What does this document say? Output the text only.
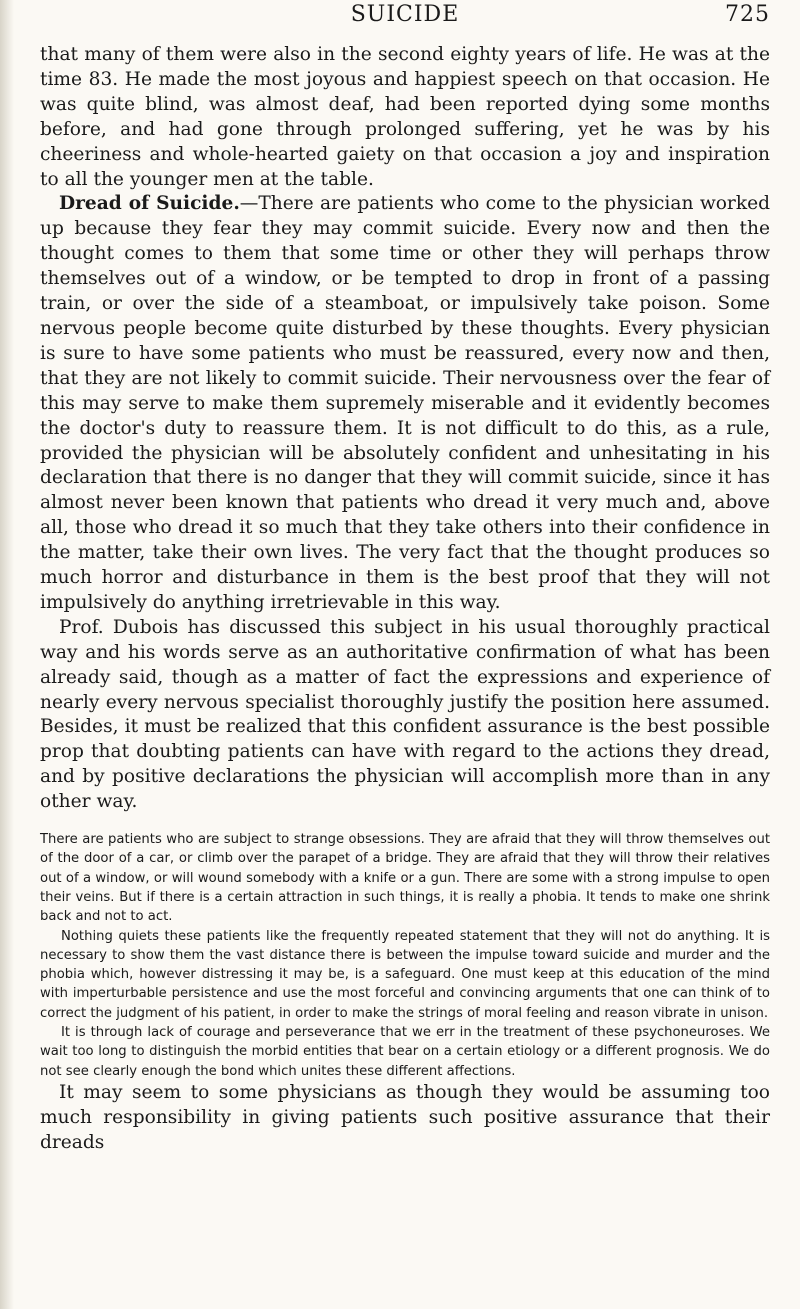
SUICIDE	725

that many of them were also in the second eighty years of life. He was at the time 83. He made the most joyous and happiest speech on that occasion. He was quite blind, was almost deaf, had been reported dying some months before, and had gone through prolonged suffering, yet he was by his cheeriness and whole-hearted gaiety on that occasion a joy and inspiration to all the younger men at the table.

Dread of Suicide.—There are patients who come to the physician worked up because they fear they may commit suicide. Every now and then the thought comes to them that some time or other they will perhaps throw themselves out of a window, or be tempted to drop in front of a passing train, or over the side of a steamboat, or impulsively take poison. Some nervous people become quite disturbed by these thoughts. Every physician is sure to have some patients who must be reassured, every now and then, that they are not likely to commit suicide. Their nervousness over the fear of this may serve to make them supremely miserable and it evidently becomes the doctor's duty to reassure them. It is not difficult to do this, as a rule, provided the physician will be absolutely confident and unhesitating in his declaration that there is no danger that they will commit suicide, since it has almost never been known that patients who dread it very much and, above all, those who dread it so much that they take others into their confidence in the matter, take their own lives. The very fact that the thought produces so much horror and disturbance in them is the best proof that they will not impulsively do anything irretrievable in this way.

Prof. Dubois has discussed this subject in his usual thoroughly practical way and his words serve as an authoritative confirmation of what has been already said, though as a matter of fact the expressions and experience of nearly every nervous specialist thoroughly justify the position here assumed. Besides, it must be realized that this confident assurance is the best possible prop that doubting patients can have with regard to the actions they dread, and by positive declarations the physician will accomplish more than in any other way.

There are patients who are subject to strange obsessions. They are afraid that they will throw themselves out of the door of a car, or climb over the parapet of a bridge. They are afraid that they will throw their relatives out of a window, or will wound somebody with a knife or a gun. There are some with a strong impulse to open their veins. But if there is a certain attraction in such things, it is really a phobia. It tends to make one shrink back and not to act.

Nothing quiets these patients like the frequently repeated statement that they will not do anything. It is necessary to show them the vast distance there is between the impulse toward suicide and murder and the phobia which, however distressing it may be, is a safeguard. One must keep at this education of the mind with imperturbable persistence and use the most forceful and convincing arguments that one can think of to correct the judgment of his patient, in order to make the strings of moral feeling and reason vibrate in unison.

It is through lack of courage and perseverance that we err in the treatment of these psychoneuroses. We wait too long to distinguish the morbid entities that bear on a certain etiology or a different prognosis. We do not see clearly enough the bond which unites these different affections.

It may seem to some physicians as though they would be assuming too much responsibility in giving patients such positive assurance that their dreads
